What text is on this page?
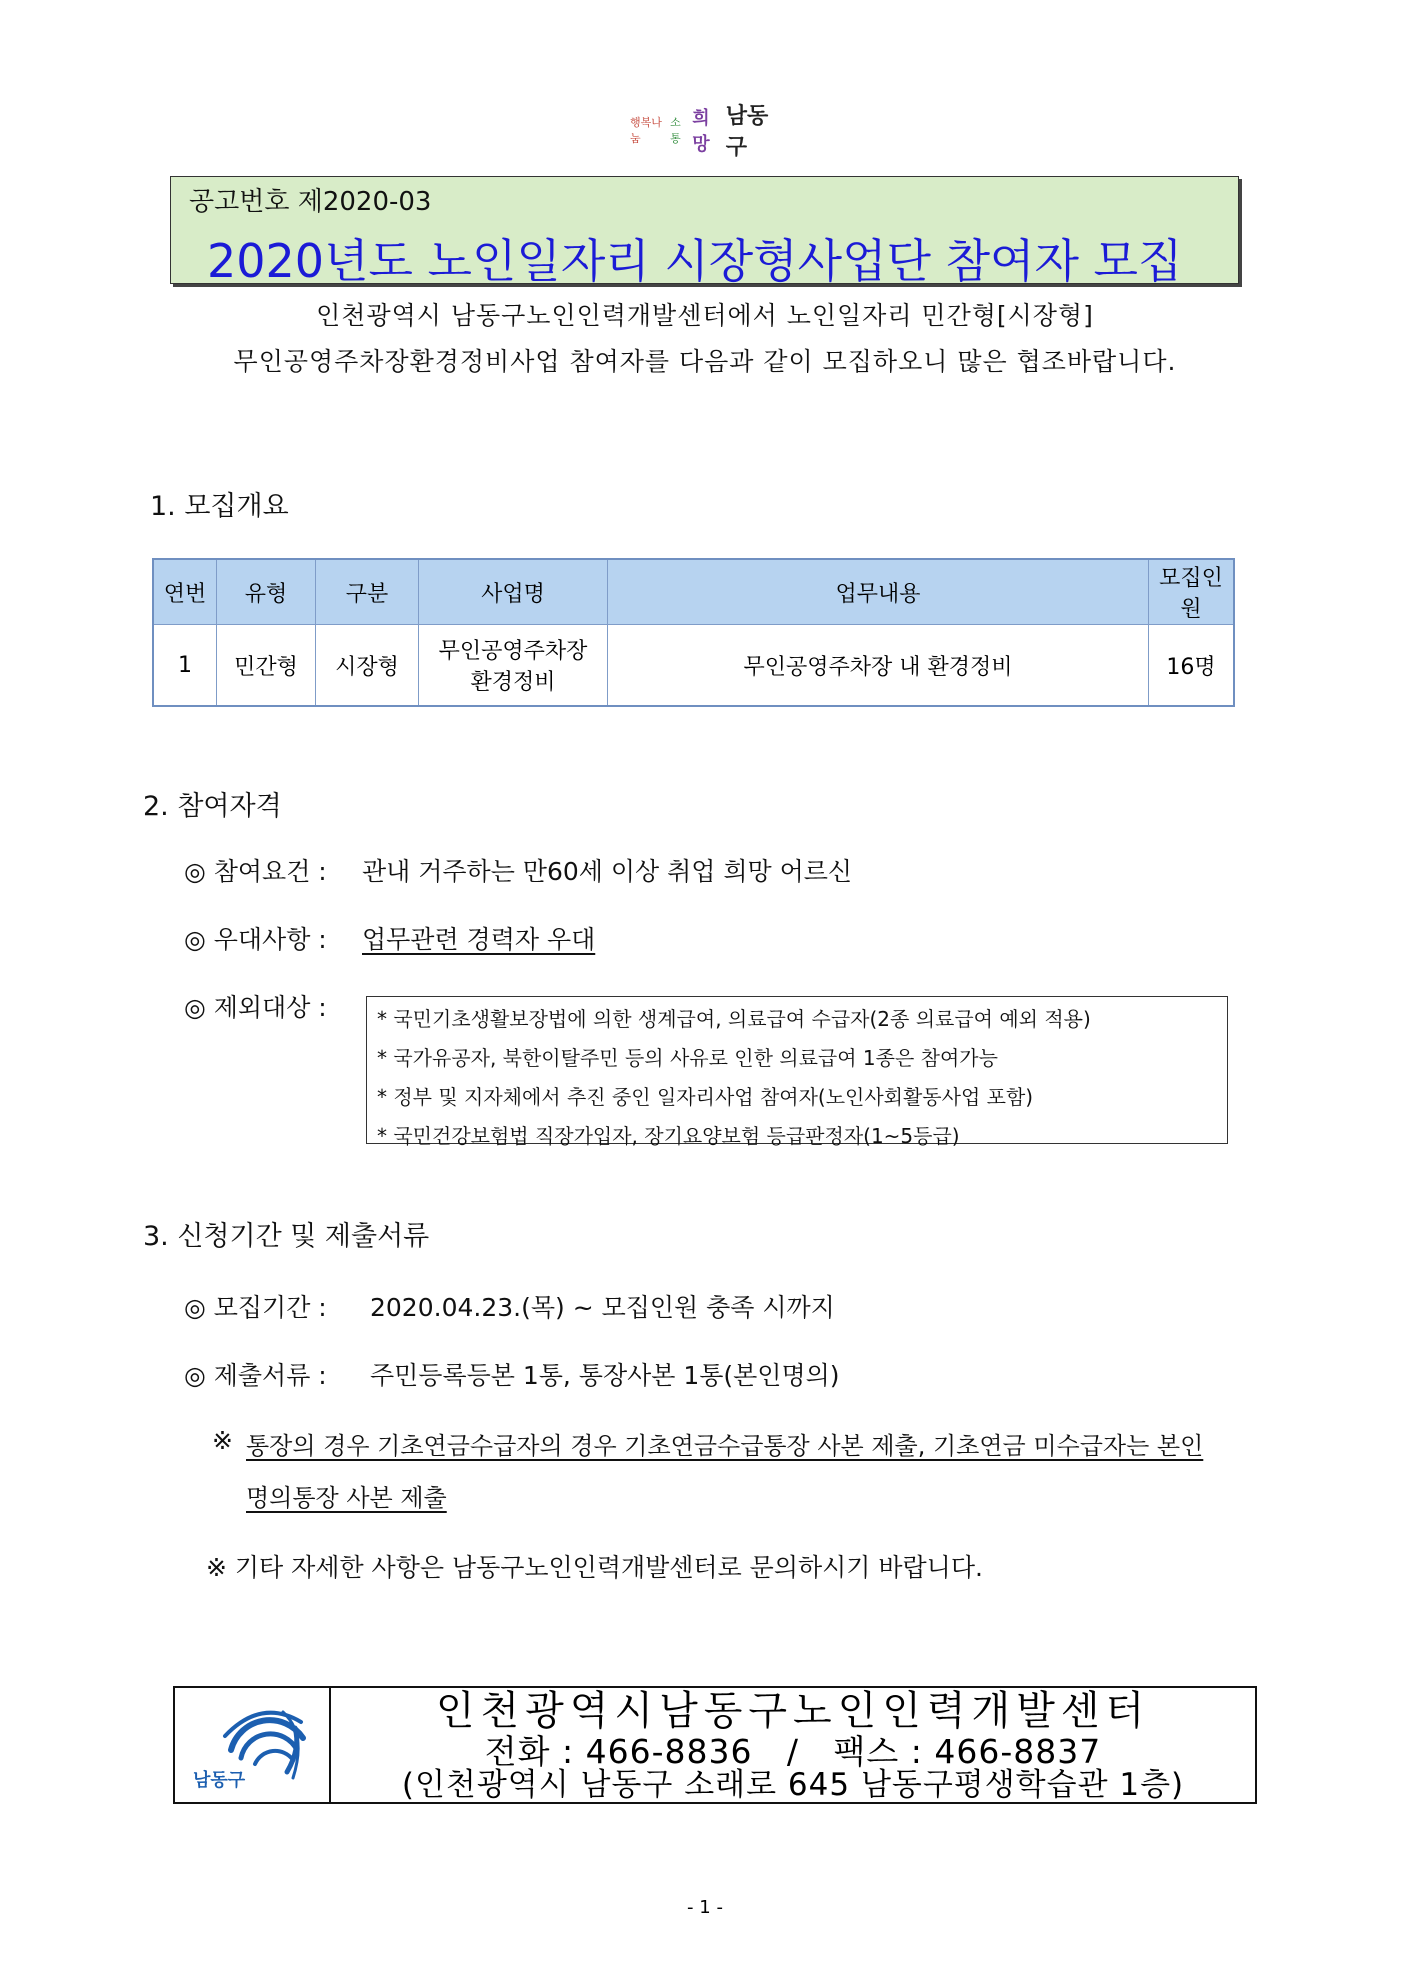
행복나눔
소통
희망
남동구
공고번호 제2020-03
2020년도 노인일자리 시장형사업단 참여자 모집
인천광역시 남동구노인인력개발센터에서 노인일자리 민간형[시장형]
무인공영주차장환경정비사업 참여자를 다음과 같이 모집하오니 많은 협조바랍니다.
1. 모집개요
연번	유형	구분	사업명	업무내용	모집인원
1	민간형	시장형	무인공영주차장
환경정비	무인공영주차장 내 환경정비	16명
2. 참여자격
◎ 참여요건 : 관내 거주하는 만60세 이상 취업 희망 어르신
◎ 우대사항 : 업무관련 경력자 우대
◎ 제외대상 :	* 국민기초생활보장법에 의한 생계급여, 의료급여 수급자(2종 의료급여 예외 적용)
* 국가유공자, 북한이탈주민 등의 사유로 인한 의료급여 1종은 참여가능
* 정부 및 지자체에서 추진 중인 일자리사업 참여자(노인사회활동사업 포함)
* 국민건강보험법 직장가입자, 장기요양보험 등급판정자(1~5등급)
3. 신청기간 및 제출서류
◎ 모집기간 : 2020.04.23.(목) ~ 모집인원 충족 시까지
◎ 제출서류 : 주민등록등본 1통, 통장사본 1통(본인명의)
※ 통장의 경우 기초연금수급자의 경우 기초연금수급통장 사본 제출, 기초연금 미수급자는 본인
명의통장 사본 제출
※ 기타 자세한 사항은 남동구노인인력개발센터로 문의하시기 바랍니다.
남동구
인천광역시남동구노인인력개발센터
전화 : 466-8836   /   팩스 : 466-8837
(인천광역시 남동구 소래로 645 남동구평생학습관 1층)
- 1 -
